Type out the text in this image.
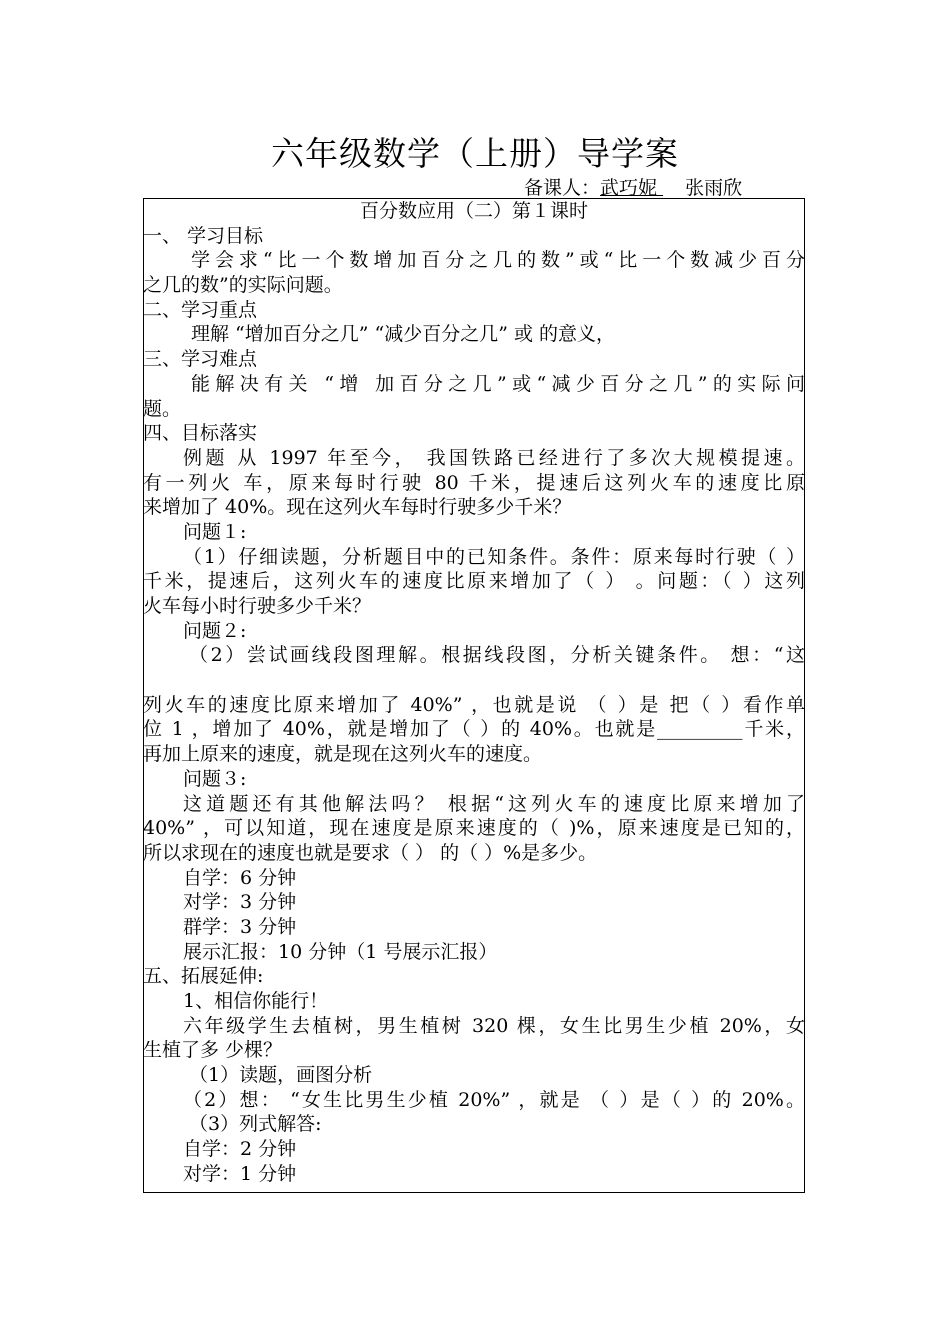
六年级数学（上册）导学案
备课人：武巧妮 张雨欣
百分数应用（二）第１课时
一、 学习目标
学会求“比一个数增加百分之几的数”或“比一个数减少百分
之几的数”的实际问题。
二、学习重点
理解 “增加百分之几” “减少百分之几” 或 的意义，
三、学习难点
能解决有关 “增 加百分之几”或“减少百分之几”的实际问
题。
四、目标落实
例题 从 1997 年至今， 我国铁路已经进行了多次大规模提速。
有一列火 车，原来每时行驶 80 千米，提速后这列火车的速度比原
来增加了 40%。现在这列火车每时行驶多少千米？
问题１:
（1）仔细读题，分析题目中的已知条件。条件：原来每时行驶（ ）
千米，提速后，这列火车的速度比原来增加了（ ） 。问题：（ ）这列
火车每小时行驶多少千米？
问题２:
（2）尝试画线段图理解。根据线段图，分析关键条件。 想：“这
列火车的速度比原来增加了 40%” ，也就是说 （ ）是 把（ ）看作单
位 1 ，增加了 40%，就是增加了（ ）的 40%。也就是_________千米，
再加上原来的速度，就是现在这列火车的速度。
问题３:
这道题还有其他解法吗？ 根据“这列火车的速度比原来增加了
40%” ，可以知道，现在速度是原来速度的（ )%，原来速度是已知的，
所以求现在的速度也就是要求（ ） 的（ ）%是多少。
自学：6 分钟
对学：3 分钟
群学：3 分钟
展示汇报：10 分钟（1 号展示汇报）
五、拓展延伸:
1、相信你能行！
六年级学生去植树，男生植树 320 棵，女生比男生少植 20%，女
生植了多 少棵？
（1）读题，画图分析
（2）想： “女生比男生少植 20%” ，就是 （ ）是（ ）的 20%。
（3）列式解答:
自学：2 分钟
对学：1 分钟
